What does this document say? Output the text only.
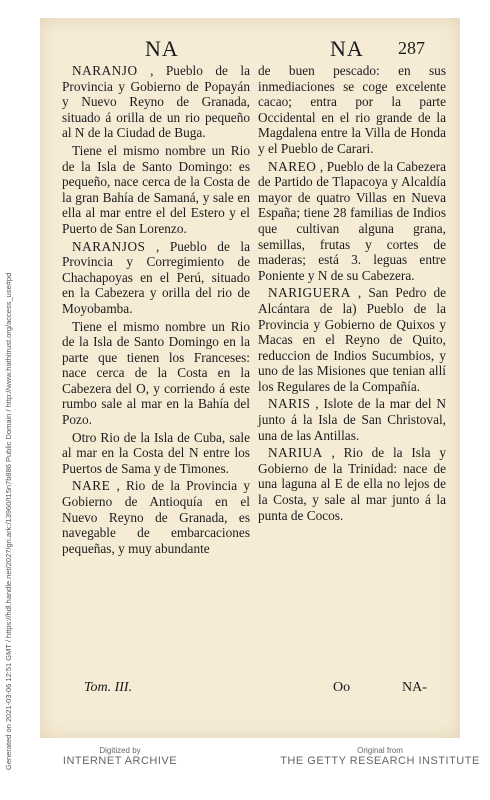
Generated on 2021-03-06 12:51 GMT / https://hdl.handle.net/2027/gri.ark:/13960/t15n7b886 Public Domain / http://www.hathitrust.org/access_use#pd
NA	NA 287

NARANJO , Pueblo de la Provincia y Gobierno de Popayán y Nuevo Reyno de Granada, situado á orilla de un rio pequeño al N de la Ciudad de Buga.

Tiene el mismo nombre un Rio de la Isla de Santo Domingo: es pequeño, nace cerca de la Costa de la gran Bahía de Samaná, y sale en ella al mar entre el del Estero y el Puerto de San Lorenzo.

NARANJOS , Pueblo de la Provincia y Corregimiento de Chachapoyas en el Perú, situado en la Cabezera y orilla del rio de Moyobamba.

Tiene el mismo nombre un Rio de la Isla de Santo Domingo en la parte que tienen los Franceses: nace cerca de la Costa en la Cabezera del O, y corriendo á este rumbo sale al mar en la Bahía del Pozo.

Otro Rio de la Isla de Cuba, sale al mar en la Costa del N entre los Puertos de Sama y de Timones.

NARE , Rio de la Provincia y Gobierno de Antioquía en el Nuevo Reyno de Granada, es navegable de embarcaciones pequeñas, y muy abundante

de buen pescado: en sus inmediaciones se coge excelente cacao; entra por la parte Occidental en el rio grande de la Magdalena entre la Villa de Honda y el Pueblo de Carari.

NAREO , Pueblo de la Cabezera de Partido de Tlapacoya y Alcaldía mayor de quatro Villas en Nueva España; tiene 28 familias de Indios que cultivan alguna grana, semillas, frutas y cortes de maderas; está 3. leguas entre Poniente y N de su Cabezera.

NARIGUERA , San Pedro de Alcántara de la) Pueblo de la Provincia y Gobierno de Quixos y Macas en el Reyno de Quito, reduccion de Indios Sucumbios, y uno de las Misiones que tenian allí los Regulares de la Compañía.

NARIS , Islote de la mar del N junto á la Isla de San Christoval, una de las Antillas.

NARIUA , Rio de la Isla y Gobierno de la Trinidad: nace de una laguna al E de ella no lejos de la Costa, y sale al mar junto á la punta de Cocos.

Tom. III.	Oo	NA-
Digitized by
INTERNET ARCHIVE
Original from
THE GETTY RESEARCH INSTITUTE
